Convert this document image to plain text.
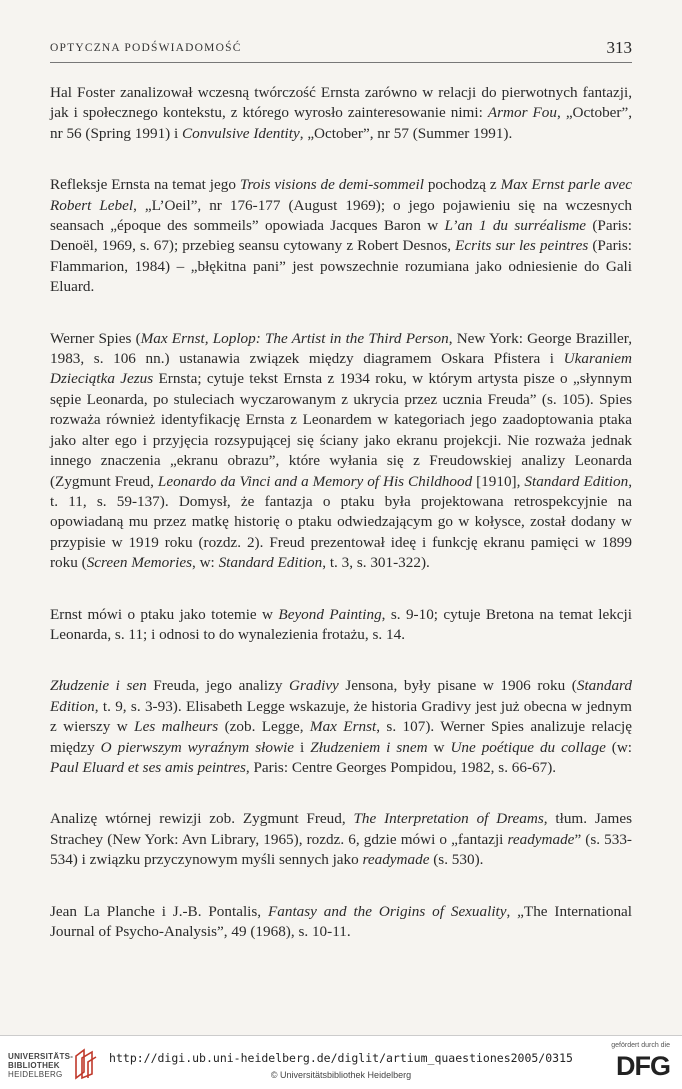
OPTYCZNA PODŚWIADOMOŚĆ	313

Hal Foster zanalizował wczesną twórczość Ernsta zarówno w relacji do pierwotnych fantazji, jak i społecznego kontekstu, z którego wyrosło zainteresowanie nimi: Armor Fou, „October”, nr 56 (Spring 1991) i Convulsive Identity, „October”, nr 57 (Summer 1991).

Refleksje Ernsta na temat jego Trois visions de demi-sommeil pochodzą z Max Ernst parle avec Robert Lebel, „L’Oeil”, nr 176-177 (August 1969); o jego pojawieniu się na wczesnych seansach „époque des sommeils” opowiada Jacques Baron w L’an 1 du surréalisme (Paris: Denoël, 1969, s. 67); przebieg seansu cytowany z Robert Desnos, Ecrits sur les peintres (Paris: Flammarion, 1984) – „błękitna pani” jest powszechnie rozumiana jako odniesienie do Gali Eluard.

Werner Spies (Max Ernst, Loplop: The Artist in the Third Person, New York: George Braziller, 1983, s. 106 nn.) ustanawia związek między diagramem Oskara Pfistera i Ukaraniem Dzieciątka Jezus Ernsta; cytuje tekst Ernsta z 1934 roku, w którym artysta pisze o „słynnym sępie Leonarda, po stuleciach wyczarowanym z ukrycia przez ucznia Freuda” (s. 105). Spies rozważa również identyfikację Ernsta z Leonardem w kategoriach jego zaadoptowania ptaka jako alter ego i przyjęcia rozsypującej się ściany jako ekranu projekcji. Nie rozważa jednak innego znaczenia „ekranu obrazu”, które wyłania się z Freudowskiej analizy Leonarda (Zygmunt Freud, Leonardo da Vinci and a Memory of His Childhood [1910], Standard Edition, t. 11, s. 59-137). Domysł, że fantazja o ptaku była projektowana retrospekcyjnie na opowiadaną mu przez matkę historię o ptaku odwiedzającym go w kołysce, został dodany w przypisie w 1919 roku (rozdz. 2). Freud prezentował ideę i funkcję ekranu pamięci w 1899 roku (Screen Memories, w: Standard Edition, t. 3, s. 301-322).

Ernst mówi o ptaku jako totemie w Beyond Painting, s. 9-10; cytuje Bretona na temat lekcji Leonarda, s. 11; i odnosi to do wynalezienia frotażu, s. 14.

Złudzenie i sen Freuda, jego analizy Gradivy Jensona, były pisane w 1906 roku (Standard Edition, t. 9, s. 3-93). Elisabeth Legge wskazuje, że historia Gradivy jest już obecna w jednym z wierszy w Les malheurs (zob. Legge, Max Ernst, s. 107). Werner Spies analizuje relację między O pierwszym wyraźnym słowie i Złudzeniem i snem w Une poétique du collage (w: Paul Eluard et ses amis peintres, Paris: Centre Georges Pompidou, 1982, s. 66-67).

Analizę wtórnej rewizji zob. Zygmunt Freud, The Interpretation of Dreams, tłum. James Strachey (New York: Avn Library, 1965), rozdz. 6, gdzie mówi o „fantazji readymade” (s. 533-534) i związku przyczynowym myśli sennych jako readymade (s. 530).

Jean La Planche i J.-B. Pontalis, Fantasy and the Origins of Sexuality, „The International Journal of Psycho-Analysis”, 49 (1968), s. 10-11.

UNIVERSITÄTS-
BIBLIOTHEK
HEIDELBERG
http://digi.ub.uni-heidelberg.de/diglit/artium_quaestiones2005/0315
© Universitätsbibliothek Heidelberg
gefördert durch die
DFG
